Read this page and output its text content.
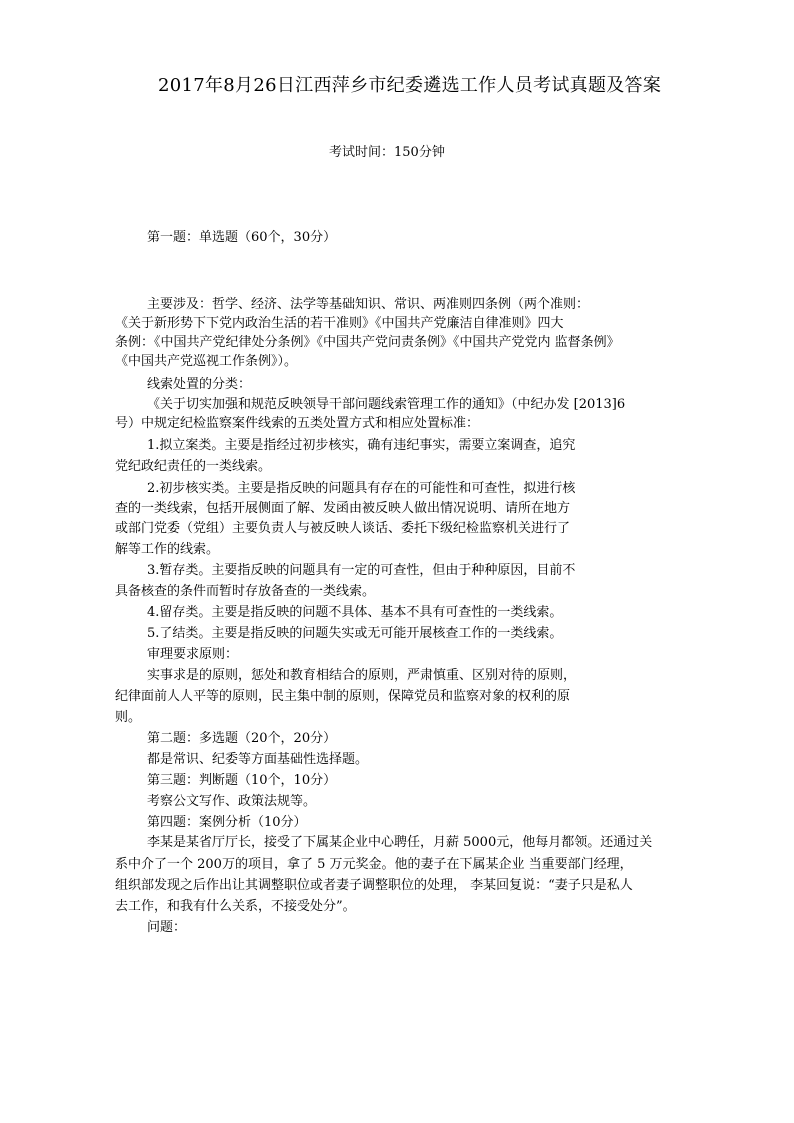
2017年8月26日江西萍乡市纪委遴选工作人员考试真题及答案
考试时间：150分钟
第一题：单选题（60个，30分）
主要涉及：哲学、经济、法学等基础知识、常识、两准则四条例（两个准则：
《关于新形势下下党内政治生活的若干准则》《中国共产党廉洁自律准则》四大
条例：《中国共产党纪律处分条例》《中国共产党问责条例》《中国共产党党内 监督条例》
《中国共产党巡视工作条例》）。
线索处置的分类：
《关于切实加强和规范反映领导干部问题线索管理工作的通知》（中纪办发 [2013]6
号）中规定纪检监察案件线索的五类处置方式和相应处置标准：
1.拟立案类。主要是指经过初步核实，确有违纪事实，需要立案调查，追究
党纪政纪责任的一类线索。
2.初步核实类。主要是指反映的问题具有存在的可能性和可查性，拟进行核
查的一类线索，包括开展侧面了解、发函由被反映人做出情况说明、请所在地方
或部门党委（党组）主要负责人与被反映人谈话、委托下级纪检监察机关进行了
解等工作的线索。
3.暂存类。主要指反映的问题具有一定的可查性，但由于种种原因，目前不
具备核查的条件而暂时存放备查的一类线索。
4.留存类。主要是指反映的问题不具体、基本不具有可查性的一类线索。
5.了结类。主要是指反映的问题失实或无可能开展核查工作的一类线索。
审理要求原则：
实事求是的原则，惩处和教育相结合的原则，严肃慎重、区别对待的原则，
纪律面前人人平等的原则，民主集中制的原则，保障党员和监察对象的权利的原
则。
第二题：多选题（20个，20分）
都是常识、纪委等方面基础性选择题。
第三题：判断题（10个，10分）
考察公文写作、政策法规等。
第四题：案例分析（10分）
李某是某省厅厅长，接受了下属某企业中心聘任，月薪 5000元，他每月都领。还通过关
系中介了一个 200万的项目，拿了 5 万元奖金。他的妻子在下属某企业 当重要部门经理，
组织部发现之后作出让其调整职位或者妻子调整职位的处理， 李某回复说：“妻子只是私人
去工作，和我有什么关系，不接受处分”。
问题：
